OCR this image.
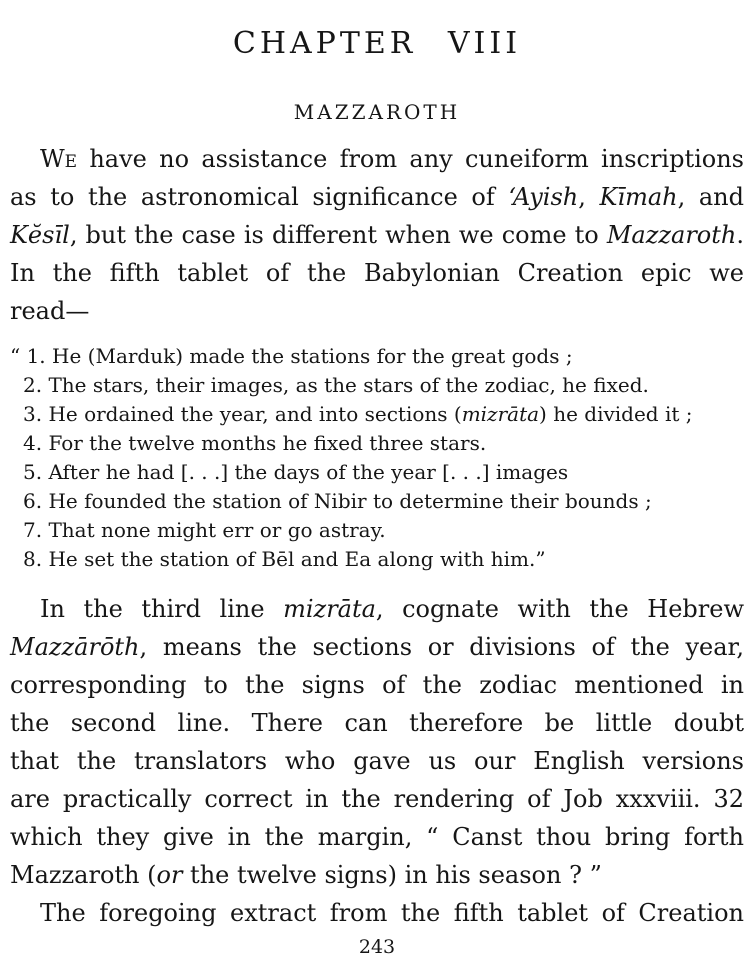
CHAPTER VIII
MAZZAROTH
We have no assistance from any cuneiform inscriptions
as to the astronomical significance of ‘Ayish, Kīmah, and
Kĕsīl, but the case is different when we come to Mazzaroth.
In the fifth tablet of the Babylonian Creation epic we
read—
“ 1. He (Marduk) made the stations for the great gods ;
2. The stars, their images, as the stars of the zodiac, he fixed.
3. He ordained the year, and into sections (mizrāta) he divided it ;
4. For the twelve months he fixed three stars.
5. After he had [. . .] the days of the year [. . .] images
6. He founded the station of Nibir to determine their bounds ;
7. That none might err or go astray.
8. He set the station of Bēl and Ea along with him.”
In the third line mizrāta, cognate with the Hebrew
Mazzārōth, means the sections or divisions of the year,
corresponding to the signs of the zodiac mentioned in
the second line. There can therefore be little doubt
that the translators who gave us our English versions
are practically correct in the rendering of Job xxxviii. 32
which they give in the margin, “ Canst thou bring forth
Mazzaroth (or the twelve signs) in his season ? ”
The foregoing extract from the fifth tablet of Creation
243
